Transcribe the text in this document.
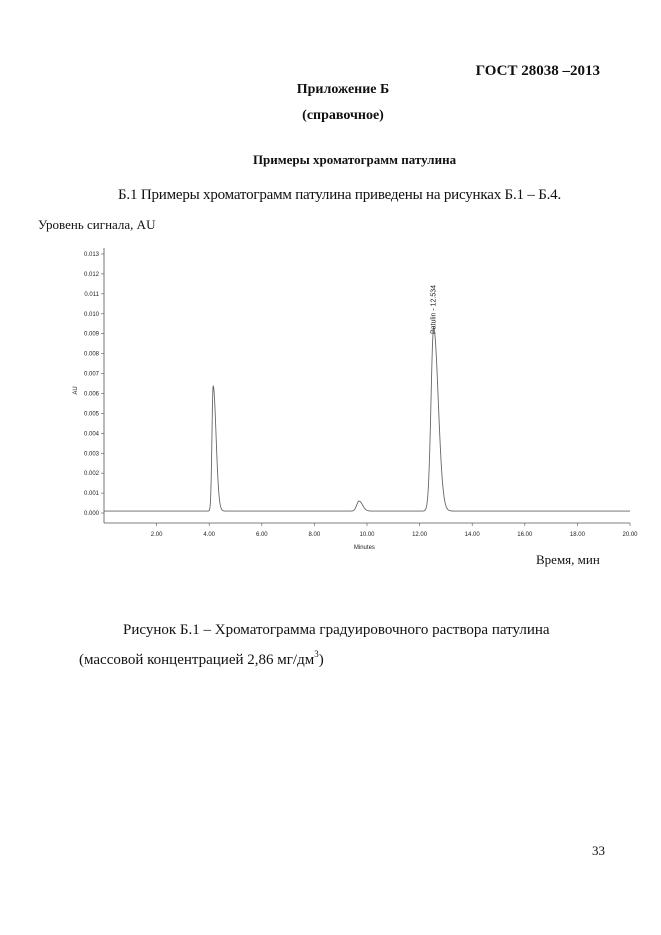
ГОСТ 28038 –2013
Приложение Б
(справочное)
Примеры хроматограмм патулина
Б.1 Примеры хроматограмм патулина приведены на рисунках Б.1 – Б.4.
Уровень сигнала, AU
0.000
0.001
0.002
0.003
0.004
0.005
0.006
0.007
0.008
0.009
0.010
0.011
0.012
0.013
2.00	4.00	6.00	8.00	10.00	12.00	14.00	16.00	18.00	20.00
Patulin - 12.534
Minutes
AU
Время, мин
Рисунок Б.1 – Хроматограмма градуировочного раствора патулина
(массовой концентрацией 2,86 $мг/дм^3$)
33
